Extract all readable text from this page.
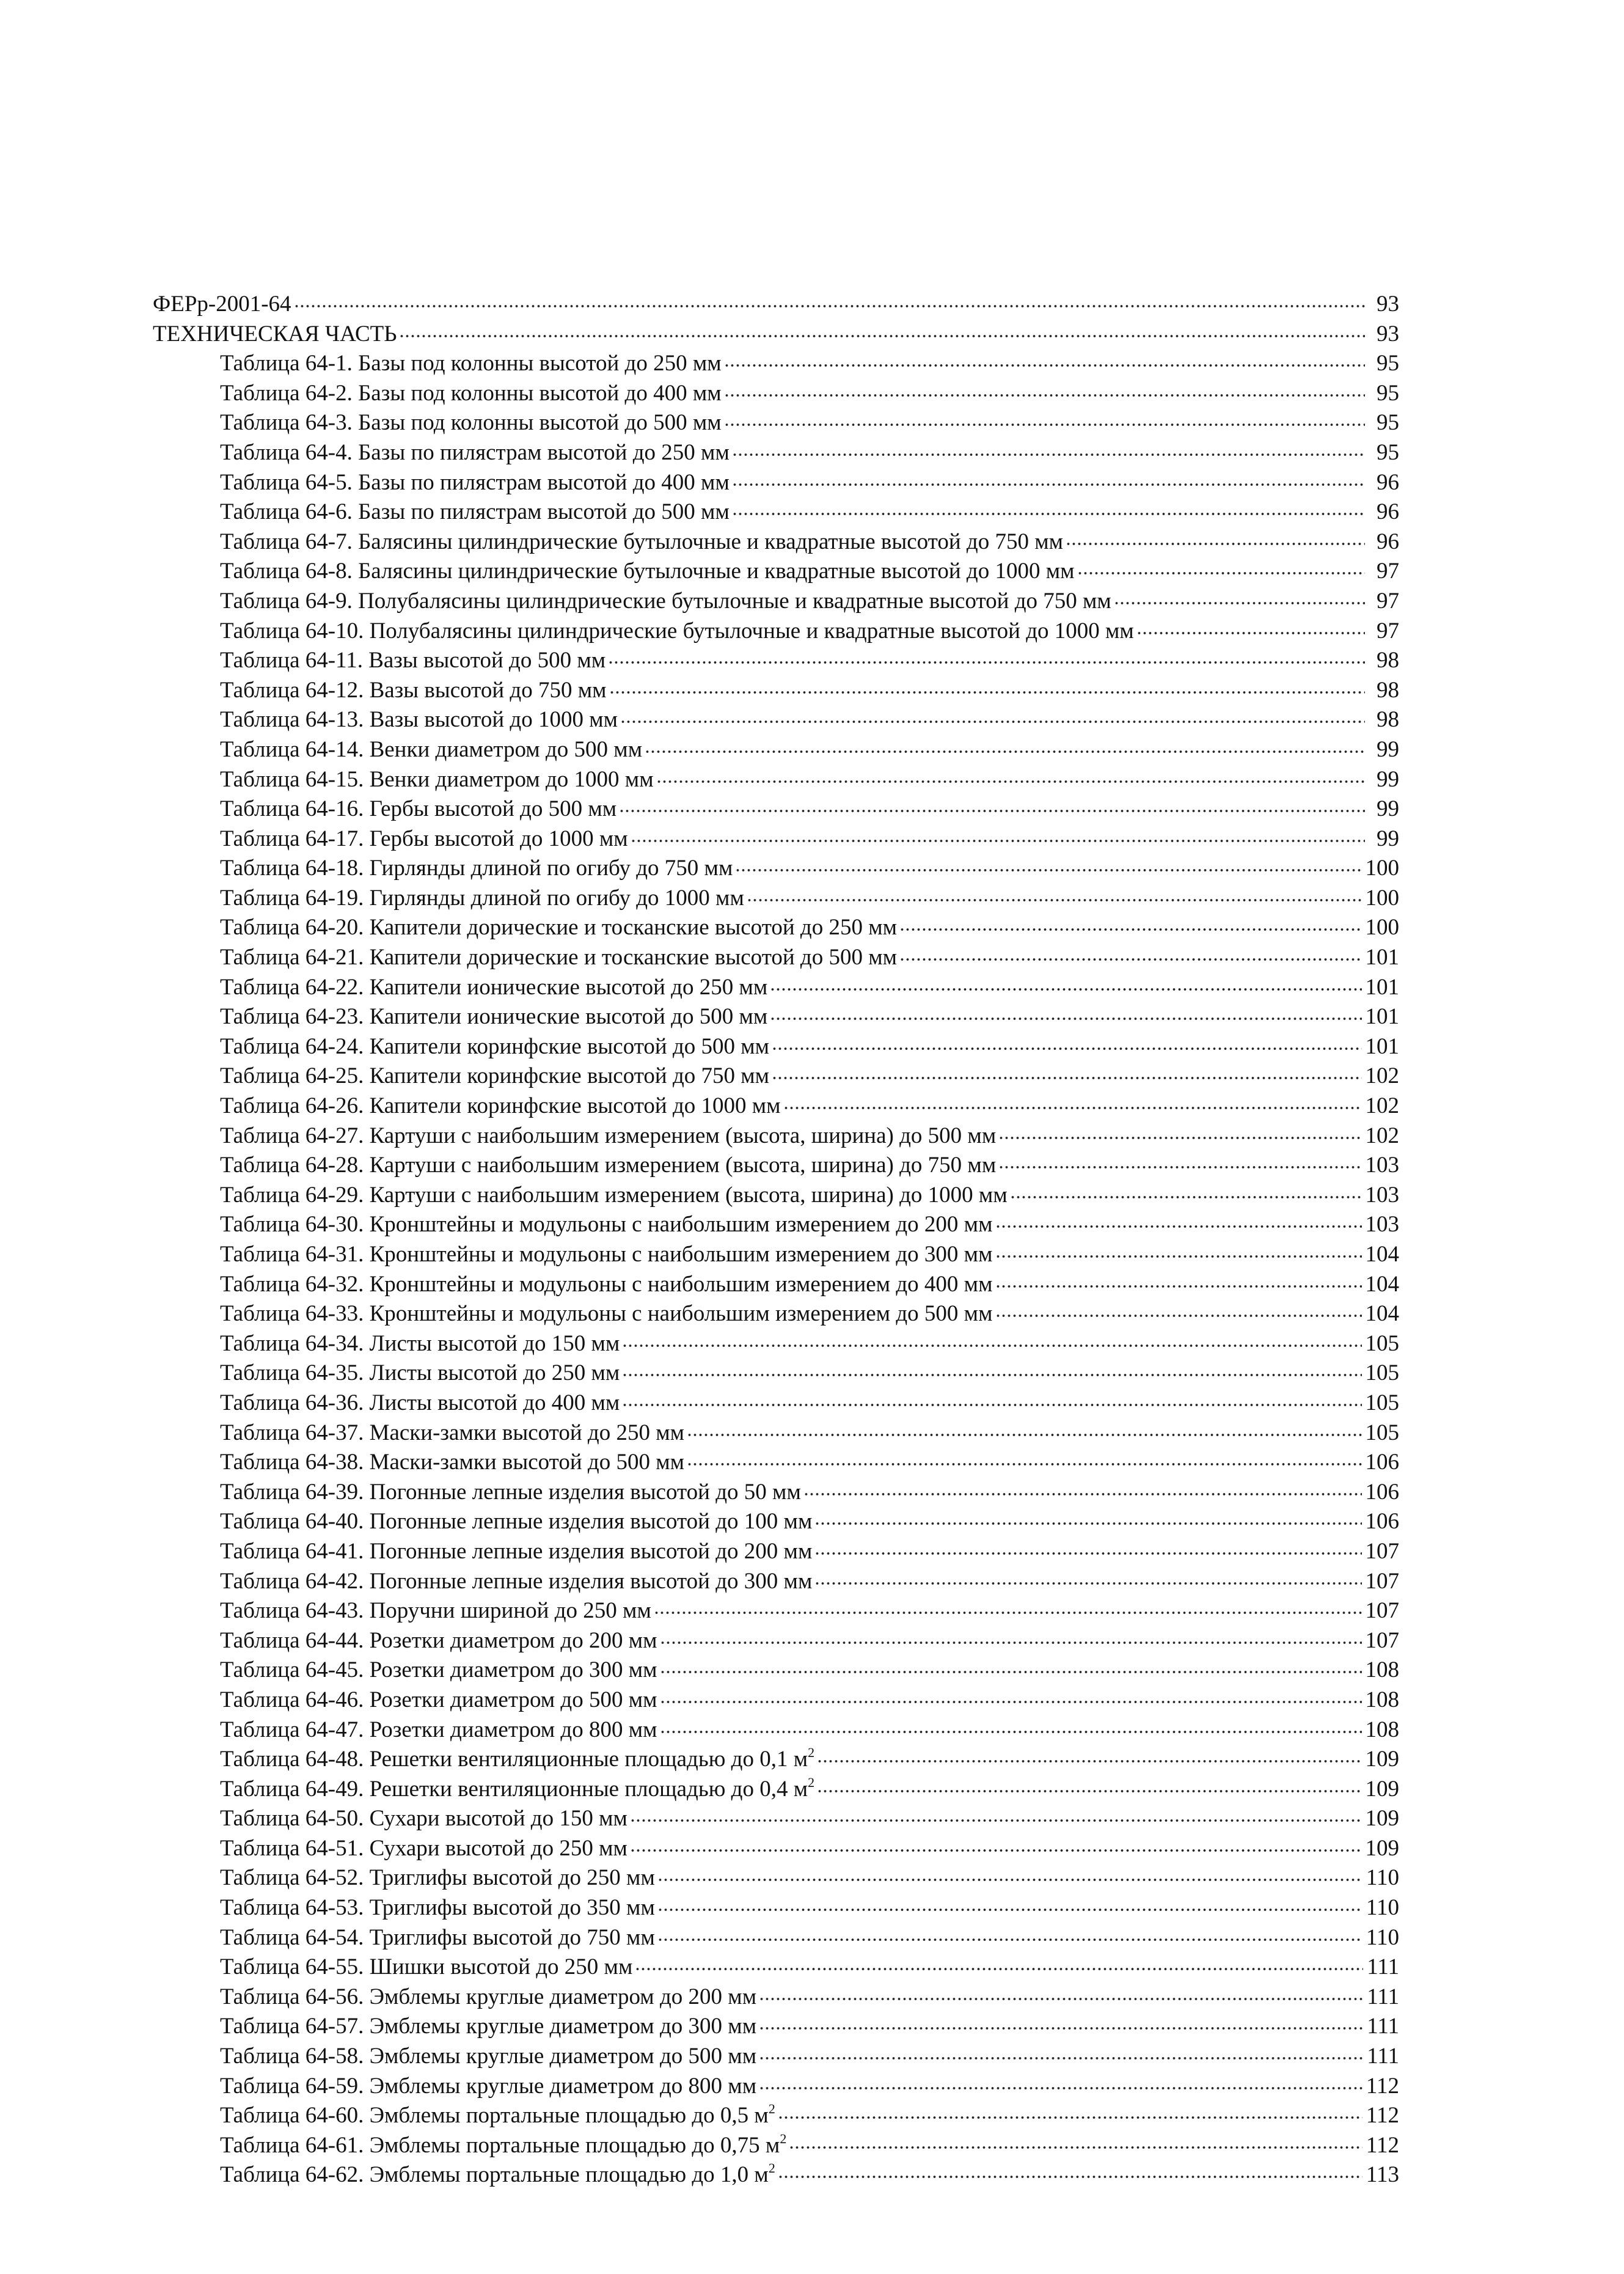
ФЕРр-2001-64	93
ТЕХНИЧЕСКАЯ ЧАСТЬ	93
Таблица 64-1. Базы под колонны высотой до 250 мм	95
Таблица 64-2. Базы под колонны высотой до 400 мм	95
Таблица 64-3. Базы под колонны высотой до 500 мм	95
Таблица 64-4. Базы по пилястрам высотой до 250 мм	95
Таблица 64-5. Базы по пилястрам высотой до 400 мм	96
Таблица 64-6. Базы по пилястрам высотой до 500 мм	96
Таблица 64-7. Балясины цилиндрические бутылочные и квадратные высотой до 750 мм	96
Таблица 64-8. Балясины цилиндрические бутылочные и квадратные высотой до 1000 мм	97
Таблица 64-9. Полубалясины цилиндрические бутылочные и квадратные высотой до 750 мм	97
Таблица 64-10. Полубалясины цилиндрические бутылочные и квадратные высотой до 1000 мм	97
Таблица 64-11. Вазы высотой до 500 мм	98
Таблица 64-12. Вазы высотой до 750 мм	98
Таблица 64-13. Вазы высотой до 1000 мм	98
Таблица 64-14. Венки диаметром до 500 мм	99
Таблица 64-15. Венки диаметром до 1000 мм	99
Таблица 64-16. Гербы высотой до 500 мм	99
Таблица 64-17. Гербы высотой до 1000 мм	99
Таблица 64-18. Гирлянды длиной по огибу до 750 мм	100
Таблица 64-19. Гирлянды длиной по огибу до 1000 мм	100
Таблица 64-20. Капители дорические и тосканские высотой до 250 мм	100
Таблица 64-21. Капители дорические и тосканские высотой до 500 мм	101
Таблица 64-22. Капители ионические высотой до 250 мм	101
Таблица 64-23. Капители ионические высотой до 500 мм	101
Таблица 64-24. Капители коринфские высотой до 500 мм	101
Таблица 64-25. Капители коринфские высотой до 750 мм	102
Таблица 64-26. Капители коринфские высотой до 1000 мм	102
Таблица 64-27. Картуши с наибольшим измерением (высота, ширина) до 500 мм	102
Таблица 64-28. Картуши с наибольшим измерением (высота, ширина) до 750 мм	103
Таблица 64-29. Картуши с наибольшим измерением (высота, ширина) до 1000 мм	103
Таблица 64-30. Кронштейны и модульоны с наибольшим измерением до 200 мм	103
Таблица 64-31. Кронштейны и модульоны с наибольшим измерением до 300 мм	104
Таблица 64-32. Кронштейны и модульоны с наибольшим измерением до 400 мм	104
Таблица 64-33. Кронштейны и модульоны с наибольшим измерением до 500 мм	104
Таблица 64-34. Листы высотой до 150 мм	105
Таблица 64-35. Листы высотой до 250 мм	105
Таблица 64-36. Листы высотой до 400 мм	105
Таблица 64-37. Маски-замки высотой до 250 мм	105
Таблица 64-38. Маски-замки высотой до 500 мм	106
Таблица 64-39. Погонные лепные изделия высотой до 50 мм	106
Таблица 64-40. Погонные лепные изделия высотой до 100 мм	106
Таблица 64-41. Погонные лепные изделия высотой до 200 мм	107
Таблица 64-42. Погонные лепные изделия высотой до 300 мм	107
Таблица 64-43. Поручни шириной до 250 мм	107
Таблица 64-44. Розетки диаметром до 200 мм	107
Таблица 64-45. Розетки диаметром до 300 мм	108
Таблица 64-46. Розетки диаметром до 500 мм	108
Таблица 64-47. Розетки диаметром до 800 мм	108
Таблица 64-48. Решетки вентиляционные площадью до 0,1 $м^2$	109
Таблица 64-49. Решетки вентиляционные площадью до 0,4 $м^2$	109
Таблица 64-50. Сухари высотой до 150 мм	109
Таблица 64-51. Сухари высотой до 250 мм	109
Таблица 64-52. Триглифы высотой до 250 мм	110
Таблица 64-53. Триглифы высотой до 350 мм	110
Таблица 64-54. Триглифы высотой до 750 мм	110
Таблица 64-55. Шишки высотой до 250 мм	111
Таблица 64-56. Эмблемы круглые диаметром до 200 мм	111
Таблица 64-57. Эмблемы круглые диаметром до 300 мм	111
Таблица 64-58. Эмблемы круглые диаметром до 500 мм	111
Таблица 64-59. Эмблемы круглые диаметром до 800 мм	112
Таблица 64-60. Эмблемы портальные площадью до 0,5 $м^2$	112
Таблица 64-61. Эмблемы портальные площадью до 0,75 $м^2$	112
Таблица 64-62. Эмблемы портальные площадью до 1,0 $м^2$	113
